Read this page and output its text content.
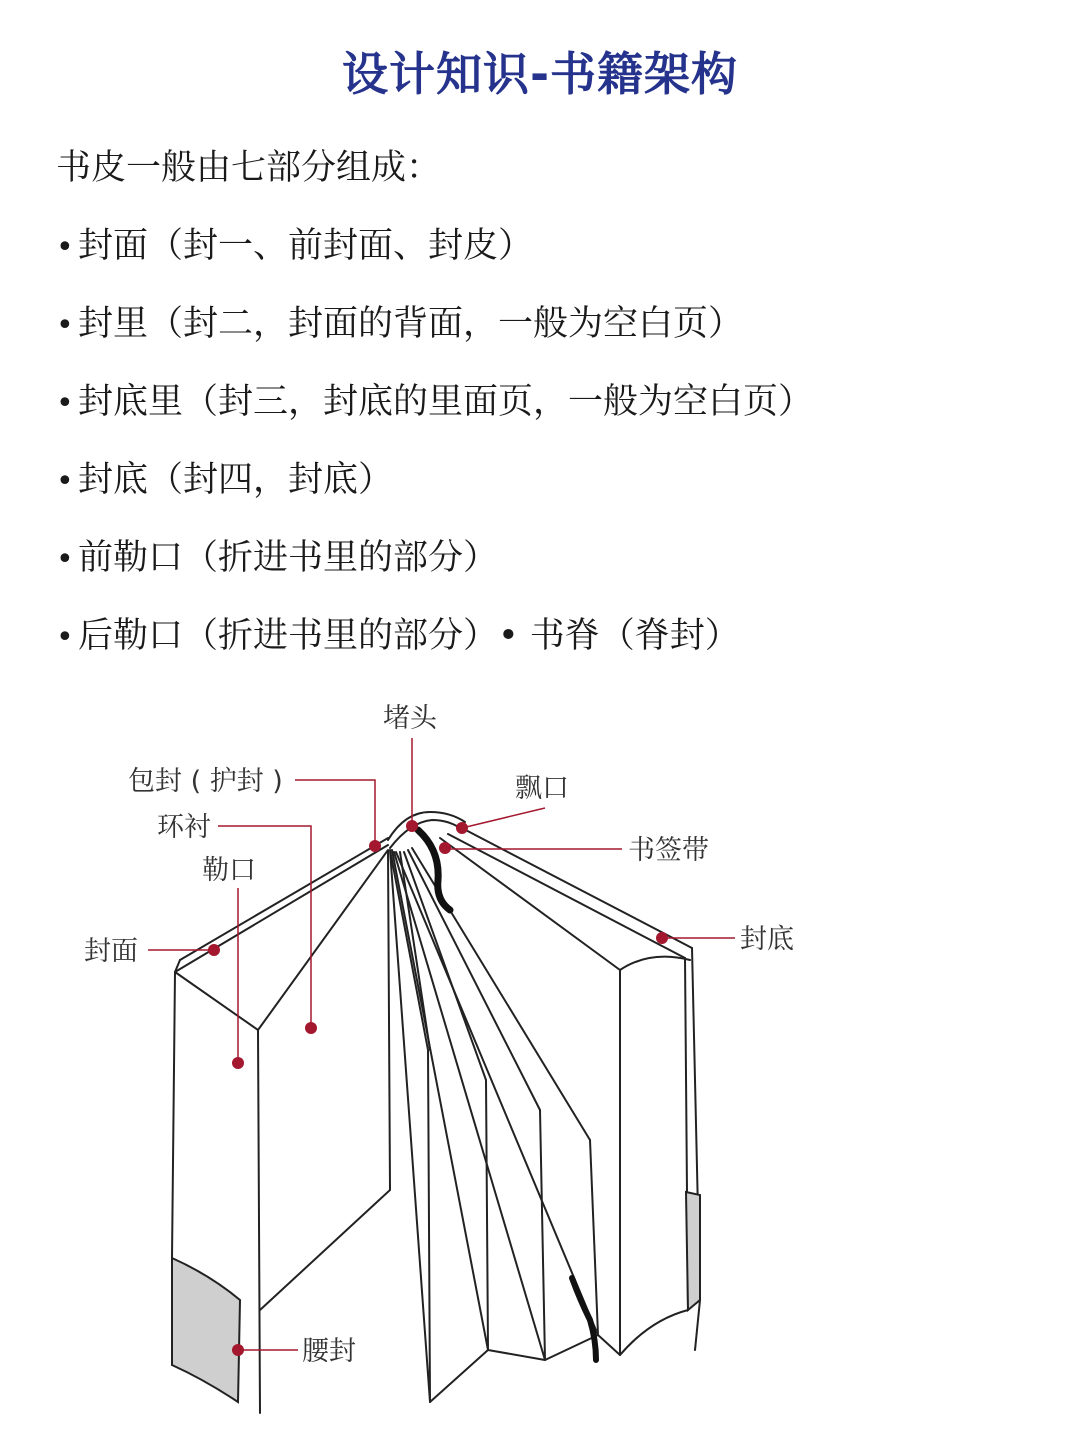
设计知识-书籍架构
书皮一般由七部分组成：
• 封面（封一、前封面、封皮）
• 封里（封二，封面的背面，一般为空白页）
• 封底里（封三，封底的里面页，一般为空白页）
• 封底（封四，封底）
• 前勒口（折进书里的部分）
• 后勒口（折进书里的部分）• 书脊（脊封）
堵头
包封 ( 护封 )	飘口
环衬
书签带
勒口
封面	封底
腰封
